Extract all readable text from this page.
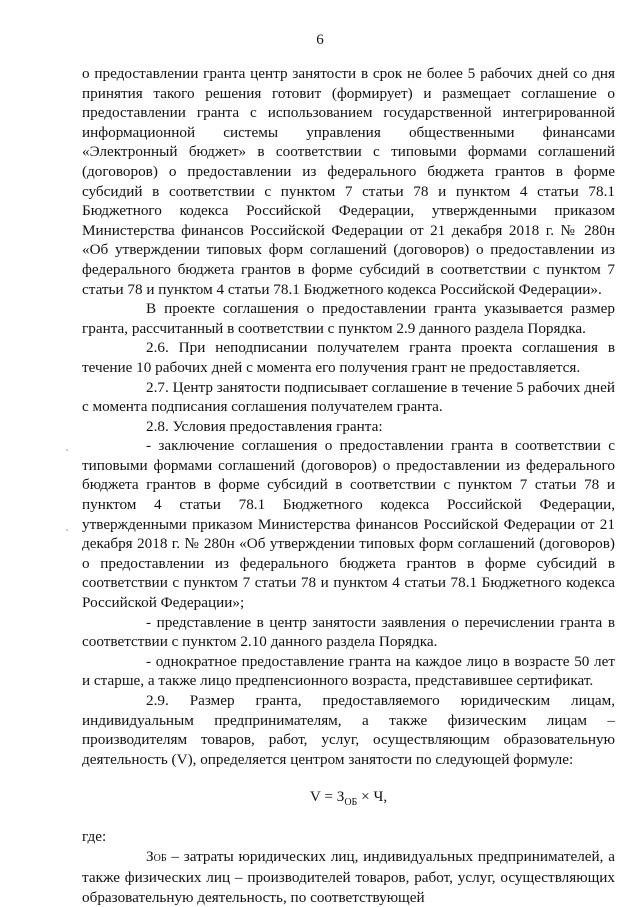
6

о предоставлении гранта центр занятости в срок не более 5 рабочих дней со дня принятия такого решения готовит (формирует) и размещает соглашение о предоставлении гранта с использованием государственной интегрированной информационной системы управления общественными финансами «Электронный бюджет» в соответствии с типовыми формами соглашений (договоров) о предоставлении из федерального бюджета грантов в форме субсидий в соответствии с пунктом 7 статьи 78 и пунктом 4 статьи 78.1 Бюджетного кодекса Российской Федерации, утвержденными приказом Министерства финансов Российской Федерации от 21 декабря 2018 г. № 280н «Об утверждении типовых форм соглашений (договоров) о предоставлении из федерального бюджета грантов в форме субсидий в соответствии с пунктом 7 статьи 78 и пунктом 4 статьи 78.1 Бюджетного кодекса Российской Федерации».

В проекте соглашения о предоставлении гранта указывается размер гранта, рассчитанный в соответствии с пунктом 2.9 данного раздела Порядка.

2.6. При неподписании получателем гранта проекта соглашения в течение 10 рабочих дней с момента его получения грант не предоставляется.

2.7. Центр занятости подписывает соглашение в течение 5 рабочих дней с момента подписания соглашения получателем гранта.

2.8. Условия предоставления гранта:

- заключение соглашения о предоставлении гранта в соответствии с типовыми формами соглашений (договоров) о предоставлении из федерального бюджета грантов в форме субсидий в соответствии с пунктом 7 статьи 78 и пунктом 4 статьи 78.1 Бюджетного кодекса Российской Федерации, утвержденными приказом Министерства финансов Российской Федерации от 21 декабря 2018 г. № 280н «Об утверждении типовых форм соглашений (договоров) о предоставлении из федерального бюджета грантов в форме субсидий в соответствии с пунктом 7 статьи 78 и пунктом 4 статьи 78.1 Бюджетного кодекса Российской Федерации»;

- представление в центр занятости заявления о перечислении гранта в соответствии с пунктом 2.10 данного раздела Порядка.

- однократное предоставление гранта на каждое лицо в возрасте 50 лет и старше, а также лицо предпенсионного возраста, представившее сертификат.

2.9. Размер гранта, предоставляемого юридическим лицам, индивидуальным предпринимателям, а также физическим лицам – производителям товаров, работ, услуг, осуществляющим образовательную деятельность (V), определяется центром занятости по следующей формуле:

$V = З_{ОБ} \times Ч$,

где:

ЗОБ – затраты юридических лиц, индивидуальных предпринимателей, а также физических лиц – производителей товаров, работ, услуг, осуществляющих образовательную деятельность, по соответствующей
